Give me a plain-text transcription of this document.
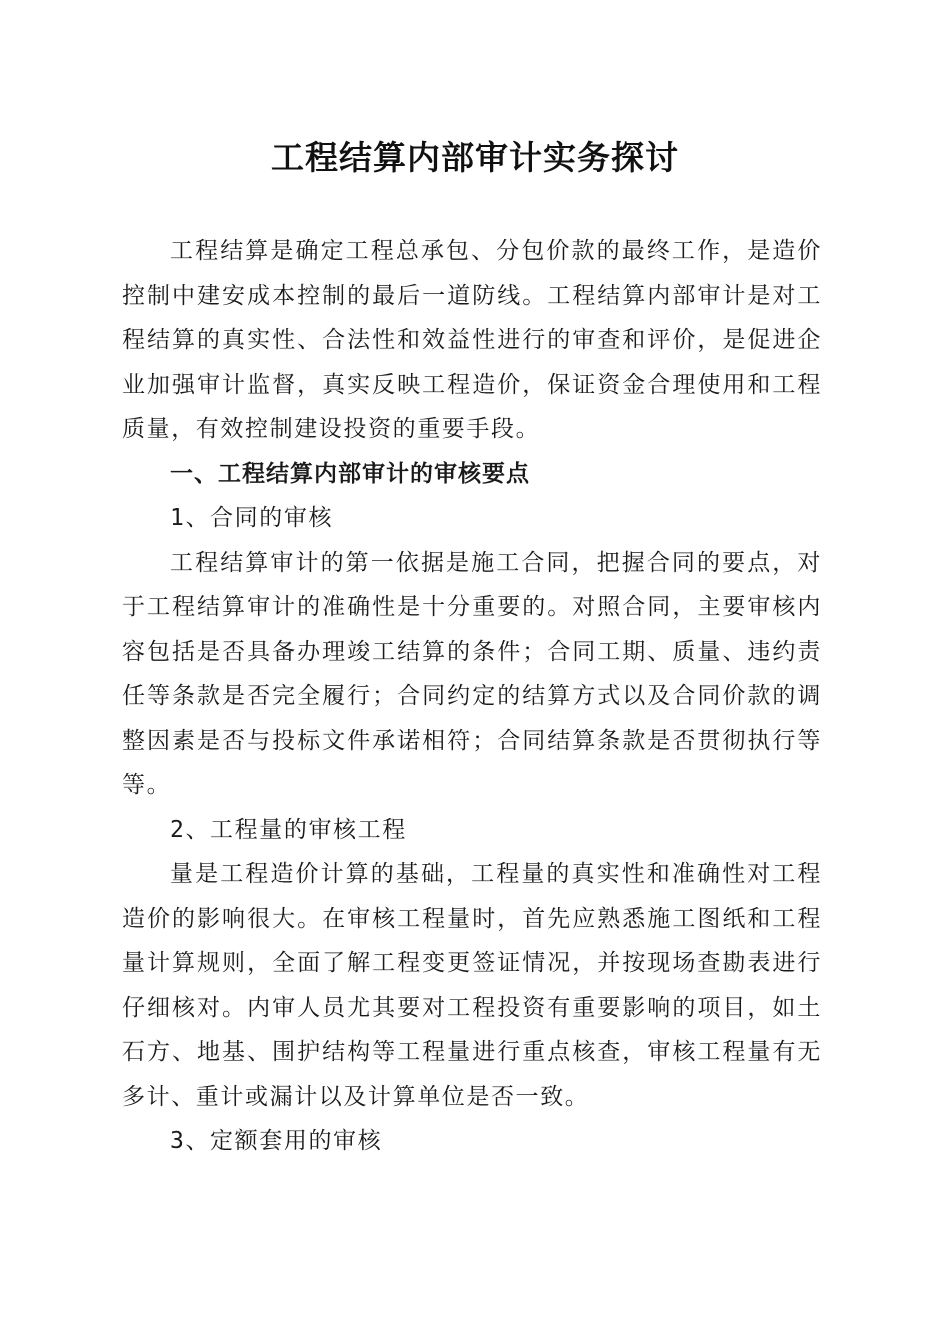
工程结算内部审计实务探讨

工程结算是确定工程总承包、分包价款的最终工作，是造价控制中建安成本控制的最后一道防线。工程结算内部审计是对工程结算的真实性、合法性和效益性进行的审查和评价，是促进企业加强审计监督，真实反映工程造价，保证资金合理使用和工程质量，有效控制建设投资的重要手段。

一、工程结算内部审计的审核要点

1、合同的审核

工程结算审计的第一依据是施工合同，把握合同的要点，对于工程结算审计的准确性是十分重要的。对照合同，主要审核内容包括是否具备办理竣工结算的条件；合同工期、质量、违约责任等条款是否完全履行；合同约定的结算方式以及合同价款的调整因素是否与投标文件承诺相符；合同结算条款是否贯彻执行等等。

2、工程量的审核工程

量是工程造价计算的基础，工程量的真实性和准确性对工程造价的影响很大。在审核工程量时，首先应熟悉施工图纸和工程量计算规则，全面了解工程变更签证情况，并按现场查勘表进行仔细核对。内审人员尤其要对工程投资有重要影响的项目，如土石方、地基、围护结构等工程量进行重点核查，审核工程量有无多计、重计或漏计以及计算单位是否一致。

3、定额套用的审核
